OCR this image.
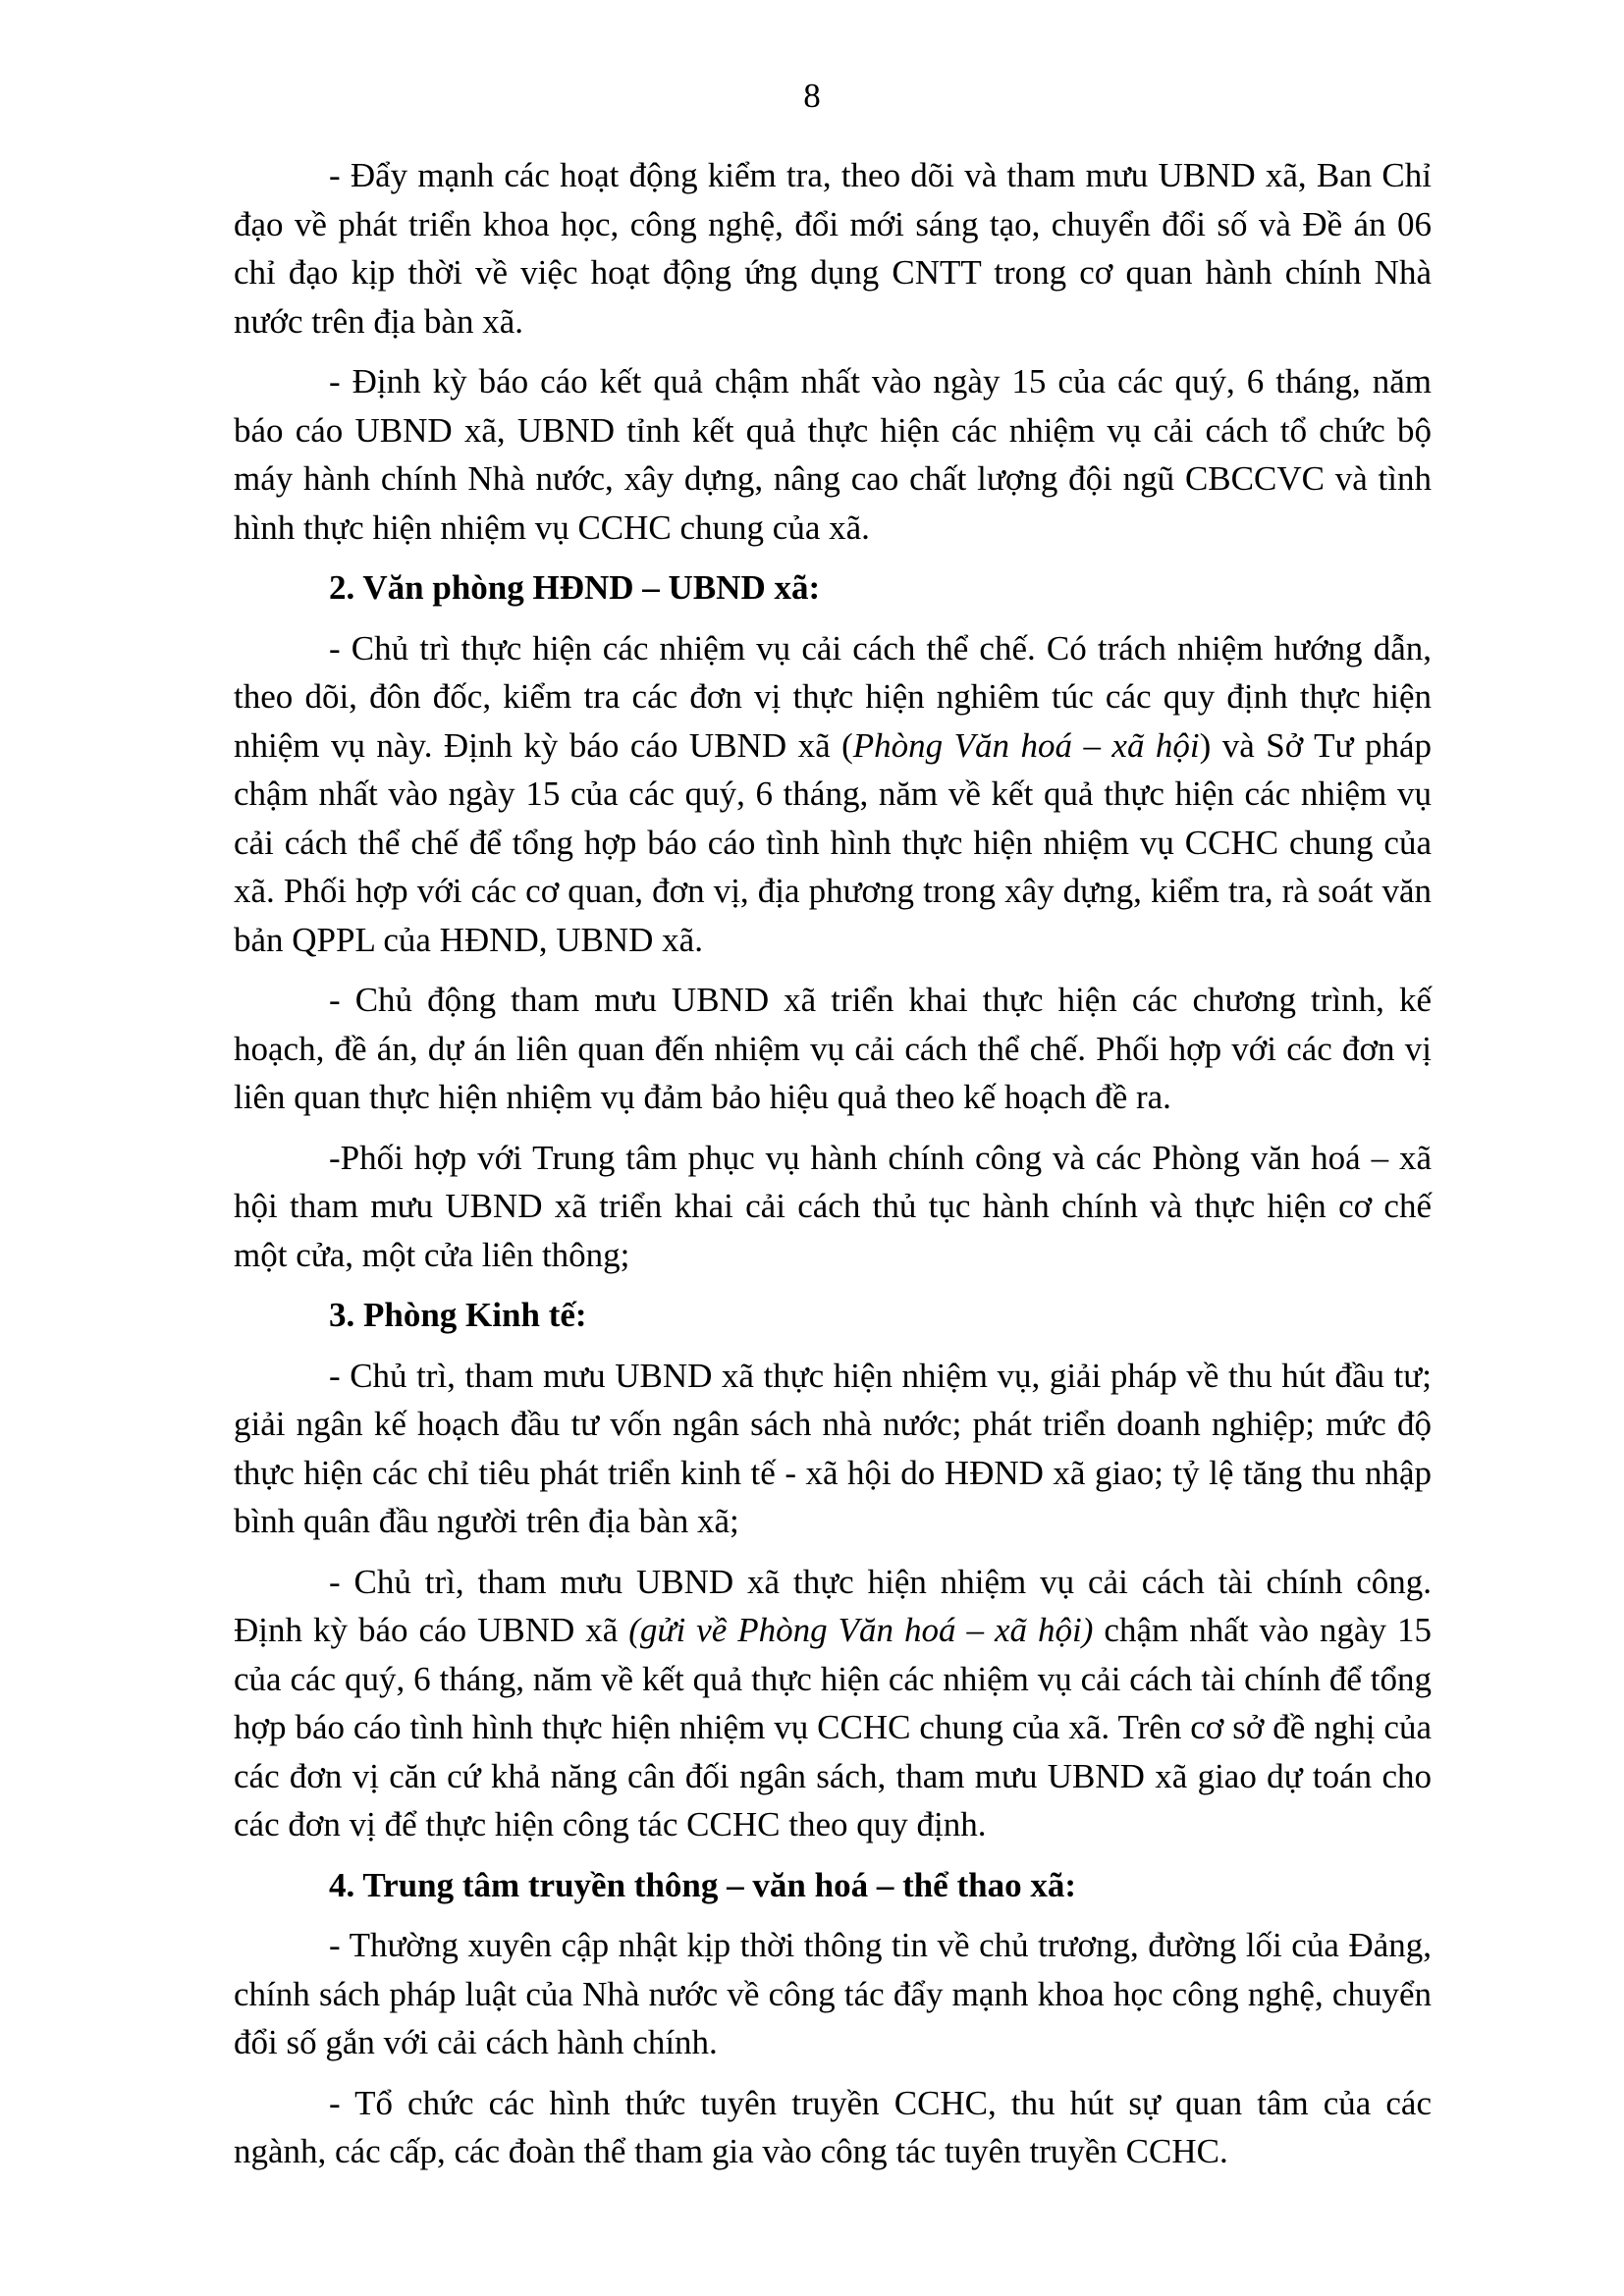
8

- Đẩy mạnh các hoạt động kiểm tra, theo dõi và tham mưu UBND xã, Ban Chỉ đạo về phát triển khoa học, công nghệ, đổi mới sáng tạo, chuyển đổi số và Đề án 06 chỉ đạo kịp thời về việc hoạt động ứng dụng CNTT trong cơ quan hành chính Nhà nước trên địa bàn xã.

- Định kỳ báo cáo kết quả chậm nhất vào ngày 15 của các quý, 6 tháng, năm báo cáo UBND xã, UBND tỉnh kết quả thực hiện các nhiệm vụ cải cách tổ chức bộ máy hành chính Nhà nước, xây dựng, nâng cao chất lượng đội ngũ CBCCVC và tình hình thực hiện nhiệm vụ CCHC chung của xã.

2. Văn phòng HĐND – UBND xã:

- Chủ trì thực hiện các nhiệm vụ cải cách thể chế. Có trách nhiệm hướng dẫn, theo dõi, đôn đốc, kiểm tra các đơn vị thực hiện nghiêm túc các quy định thực hiện nhiệm vụ này. Định kỳ báo cáo UBND xã (Phòng Văn hoá – xã hội) và Sở Tư pháp chậm nhất vào ngày 15 của các quý, 6 tháng, năm về kết quả thực hiện các nhiệm vụ cải cách thể chế để tổng hợp báo cáo tình hình thực hiện nhiệm vụ CCHC chung của xã. Phối hợp với các cơ quan, đơn vị, địa phương trong xây dựng, kiểm tra, rà soát văn bản QPPL của HĐND, UBND xã.

- Chủ động tham mưu UBND xã triển khai thực hiện các chương trình, kế hoạch, đề án, dự án liên quan đến nhiệm vụ cải cách thể chế. Phối hợp với các đơn vị liên quan thực hiện nhiệm vụ đảm bảo hiệu quả theo kế hoạch đề ra.

-Phối hợp với Trung tâm phục vụ hành chính công và các Phòng văn hoá – xã hội tham mưu UBND xã triển khai cải cách thủ tục hành chính và thực hiện cơ chế một cửa, một cửa liên thông;

3. Phòng Kinh tế:

- Chủ trì, tham mưu UBND xã thực hiện nhiệm vụ, giải pháp về thu hút đầu tư; giải ngân kế hoạch đầu tư vốn ngân sách nhà nước; phát triển doanh nghiệp; mức độ thực hiện các chỉ tiêu phát triển kinh tế - xã hội do HĐND xã giao; tỷ lệ tăng thu nhập bình quân đầu người trên địa bàn xã;

- Chủ trì, tham mưu UBND xã thực hiện nhiệm vụ cải cách tài chính công. Định kỳ báo cáo UBND xã (gửi về Phòng Văn hoá – xã hội) chậm nhất vào ngày 15 của các quý, 6 tháng, năm về kết quả thực hiện các nhiệm vụ cải cách tài chính để tổng hợp báo cáo tình hình thực hiện nhiệm vụ CCHC chung của xã. Trên cơ sở đề nghị của các đơn vị căn cứ khả năng cân đối ngân sách, tham mưu UBND xã giao dự toán cho các đơn vị để thực hiện công tác CCHC theo quy định.

4. Trung tâm truyền thông – văn hoá – thể thao xã:

- Thường xuyên cập nhật kịp thời thông tin về chủ trương, đường lối của Đảng, chính sách pháp luật của Nhà nước về công tác đẩy mạnh khoa học công nghệ, chuyển đổi số gắn với cải cách hành chính.

- Tổ chức các hình thức tuyên truyền CCHC, thu hút sự quan tâm của các ngành, các cấp, các đoàn thể tham gia vào công tác tuyên truyền CCHC.
